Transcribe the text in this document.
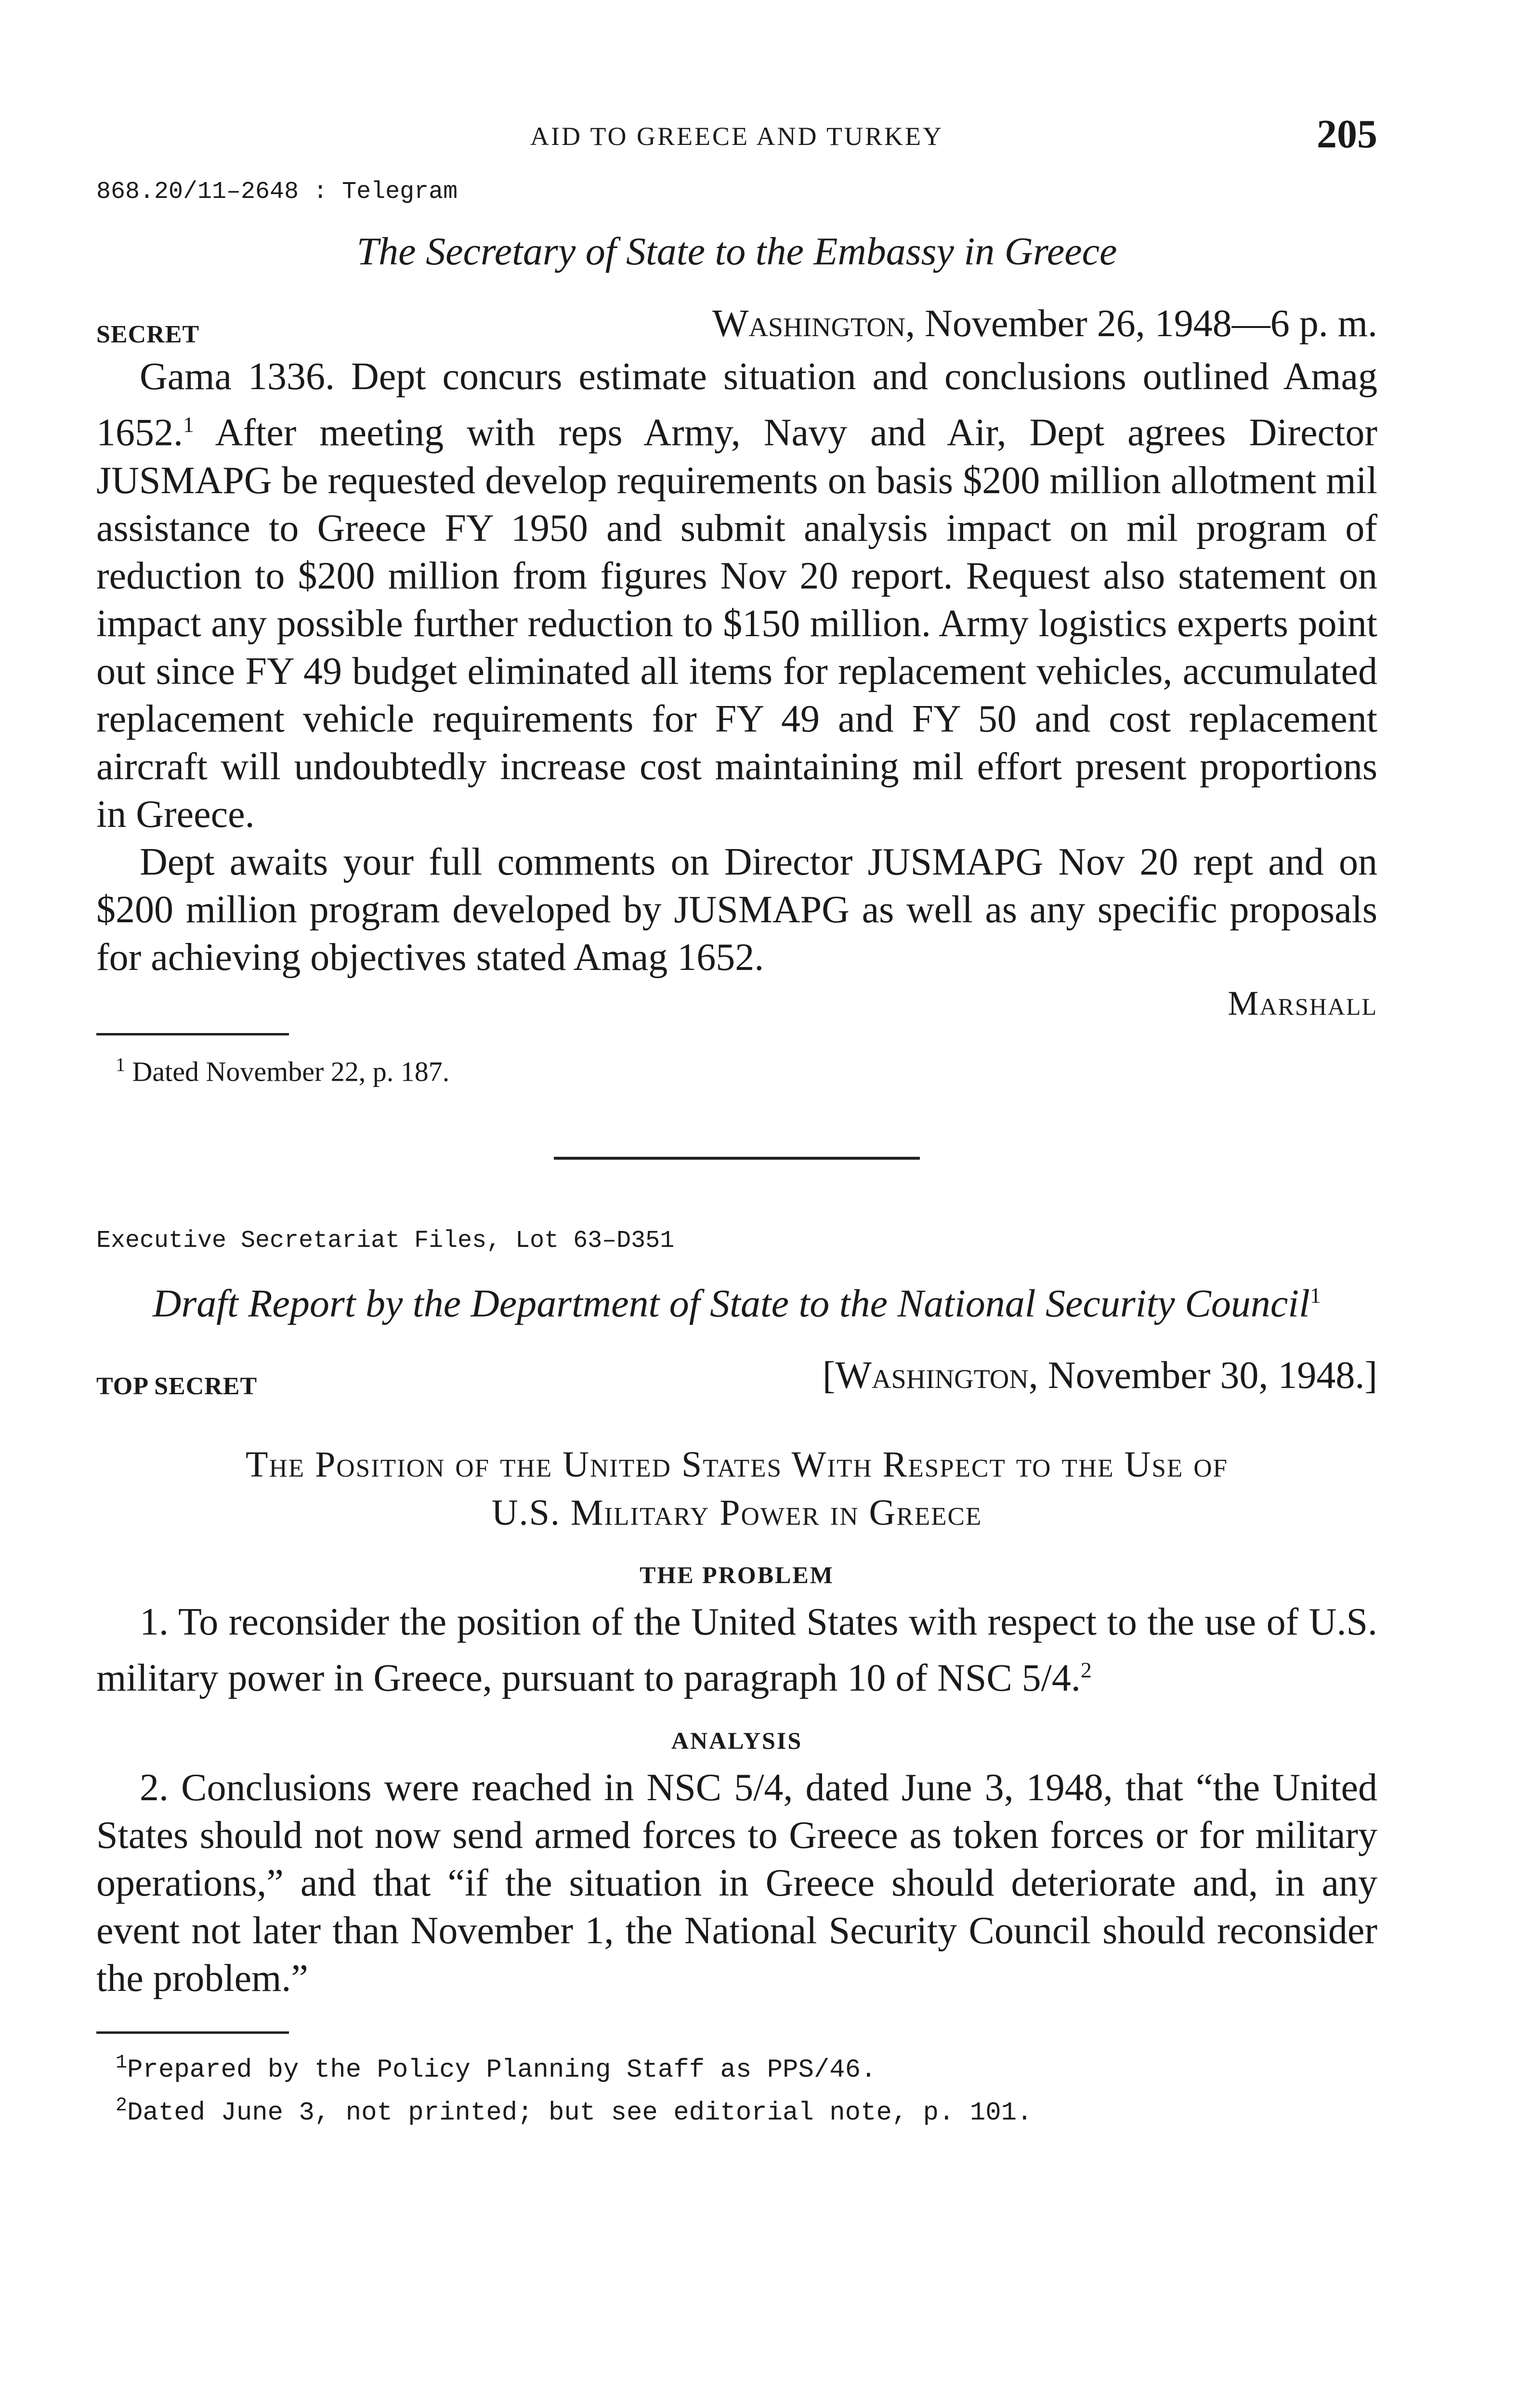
AID TO GREECE AND TURKEY	205
868.20/11–2648 : Telegram
The Secretary of State to the Embassy in Greece
SECRET	Washington, November 26, 1948—6 p. m.

Gama 1336. Dept concurs estimate situation and conclusions outlined Amag 1652.$^1$ After meeting with reps Army, Navy and Air, Dept agrees Director JUSMAPG be requested develop requirements on basis $200 million allotment mil assistance to Greece FY 1950 and submit analysis impact on mil program of reduction to $200 million from figures Nov 20 report. Request also statement on impact any possible further reduction to $150 million. Army logistics experts point out since FY 49 budget eliminated all items for replacement vehicles, accumulated replacement vehicle requirements for FY 49 and FY 50 and cost replacement aircraft will undoubtedly increase cost maintaining mil effort present proportions in Greece.

Dept awaits your full comments on Director JUSMAPG Nov 20 rept and on $200 million program developed by JUSMAPG as well as any specific proposals for achieving objectives stated Amag 1652.

Marshall
$^1$ Dated November 22, p. 187.
Executive Secretariat Files, Lot 63–D351
Draft Report by the Department of State to the National Security Council$^1$
TOP SECRET	[Washington, November 30, 1948.]
The Position of the United States With Respect to the Use of
U.S. Military Power in Greece
THE PROBLEM

1. To reconsider the position of the United States with respect to the use of U.S. military power in Greece, pursuant to paragraph 10 of NSC 5/4.$^2$

ANALYSIS

2. Conclusions were reached in NSC 5/4, dated June 3, 1948, that “the United States should not now send armed forces to Greece as token forces or for military operations,” and that “if the situation in Greece should deteriorate and, in any event not later than November 1, the National Security Council should reconsider the problem.”

$^1$Prepared by the Policy Planning Staff as PPS/46.
$^2$Dated June 3, not printed; but see editorial note, p. 101.
